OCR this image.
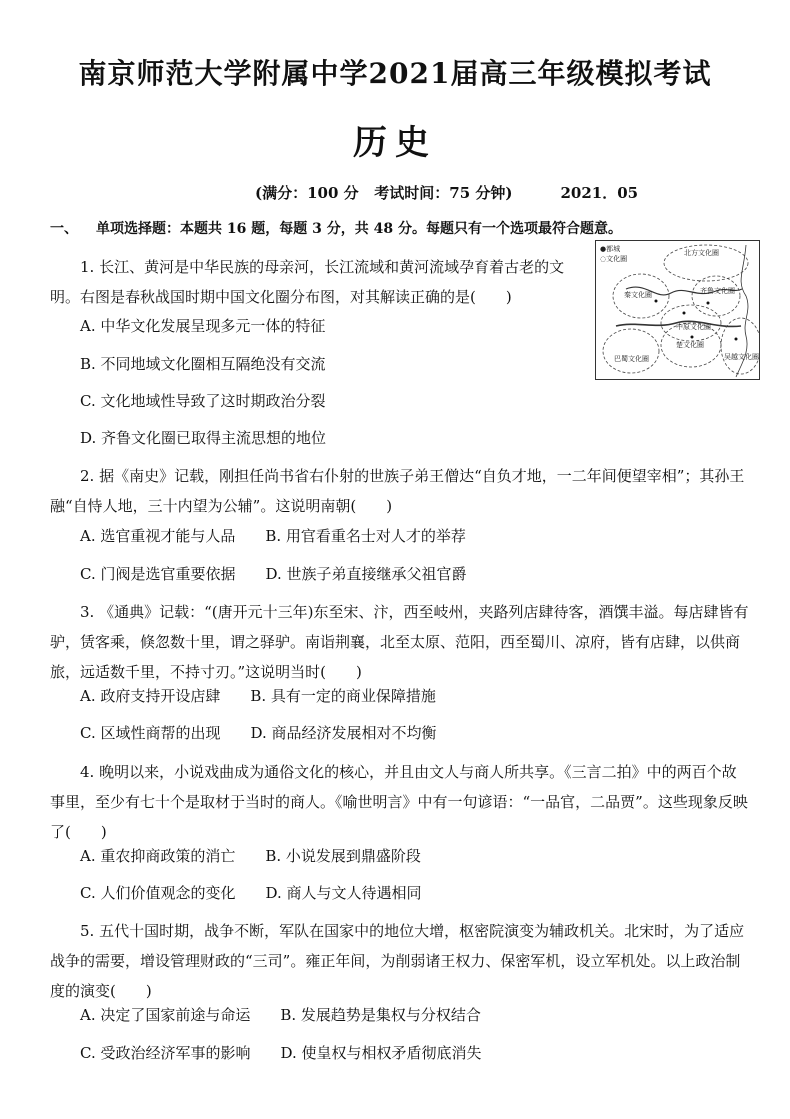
南京师范大学附属中学2021届高三年级模拟考试
历史
(满分：100 分   考试时间：75 分钟)	2021．05
一、 单项选择题：本题共 16 题，每题 3 分，共 48 分。每题只有一个选项最符合题意。
●都城
◌文化圈
北方文化圈
秦文化圈	齐鲁文化圈
中原文化圈
楚文化圈
巴蜀文化圈	吴越文化圈
1. 长江、黄河是中华民族的母亲河，长江流域和黄河流域孕育着古老的文明。右图是春秋战国时期中国文化圈分布图，对其解读正确的是(　　)
A. 中华文化发展呈现多元一体的特征
B. 不同地域文化圈相互隔绝没有交流
C. 文化地域性导致了这时期政治分裂
D. 齐鲁文化圈已取得主流思想的地位
2. 据《南史》记载，刚担任尚书省右仆射的世族子弟王僧达“自负才地，一二年间便望宰相”；其孙王融“自恃人地，三十内望为公辅”。这说明南朝(　　)
A. 选官重视才能与人品 B. 用官看重名士对人才的举荐
C. 门阀是选官重要依据 D. 世族子弟直接继承父祖官爵
3. 《通典》记载：“(唐开元十三年)东至宋、汴，西至岐州，夹路列店肆待客，酒馔丰溢。每店肆皆有驴，赁客乘，倏忽数十里，谓之驿驴。南诣荆襄，北至太原、范阳，西至蜀川、凉府，皆有店肆，以供商旅，远适数千里，不持寸刃。”这说明当时(　　)
A. 政府支持开设店肆 B. 具有一定的商业保障措施
C. 区域性商帮的出现 D. 商品经济发展相对不均衡
4. 晚明以来，小说戏曲成为通俗文化的核心，并且由文人与商人所共享。《三言二拍》中的两百个故事里，至少有七十个是取材于当时的商人。《喻世明言》中有一句谚语：“一品官，二品贾”。这些现象反映了(　　)
A. 重农抑商政策的消亡 B. 小说发展到鼎盛阶段
C. 人们价值观念的变化 D. 商人与文人待遇相同
5. 五代十国时期，战争不断，军队在国家中的地位大增，枢密院演变为辅政机关。北宋时，为了适应战争的需要，增设管理财政的“三司”。雍正年间，为削弱诸王权力、保密军机，设立军机处。以上政治制度的演变(　　)
A. 决定了国家前途与命运 B. 发展趋势是集权与分权结合
C. 受政治经济军事的影响 D. 使皇权与相权矛盾彻底消失
